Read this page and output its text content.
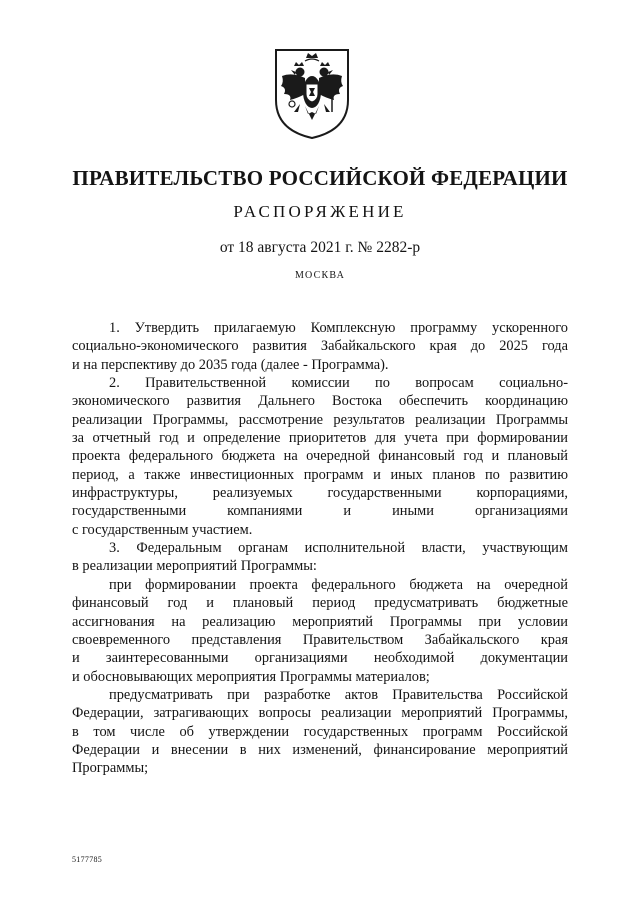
ПРАВИТЕЛЬСТВО РОССИЙСКОЙ ФЕДЕРАЦИИ
РАСПОРЯЖЕНИЕ
от 18 августа 2021 г. № 2282-р
МОСКВА
1. Утвердить прилагаемую Комплексную программу ускоренного
социально-экономического развития Забайкальского края до 2025 года
и на перспективу до 2035 года (далее - Программа).
2. Правительственной комиссии по вопросам социально-
экономического развития Дальнего Востока обеспечить координацию
реализации Программы, рассмотрение результатов реализации Программы
за отчетный год и определение приоритетов для учета при формировании
проекта федерального бюджета на очередной финансовый год и плановый
период, а также инвестиционных программ и иных планов по развитию
инфраструктуры, реализуемых государственными корпорациями,
государственными компаниями и иными организациями
с государственным участием.
3. Федеральным органам исполнительной власти, участвующим
в реализации мероприятий Программы:
при формировании проекта федерального бюджета на очередной
финансовый год и плановый период предусматривать бюджетные
ассигнования на реализацию мероприятий Программы при условии
своевременного представления Правительством Забайкальского края
и заинтересованными организациями необходимой документации
и обосновывающих мероприятия Программы материалов;
предусматривать при разработке актов Правительства Российской
Федерации, затрагивающих вопросы реализации мероприятий Программы,
в том числе об утверждении государственных программ Российской
Федерации и внесении в них изменений, финансирование мероприятий
Программы;
5177785
